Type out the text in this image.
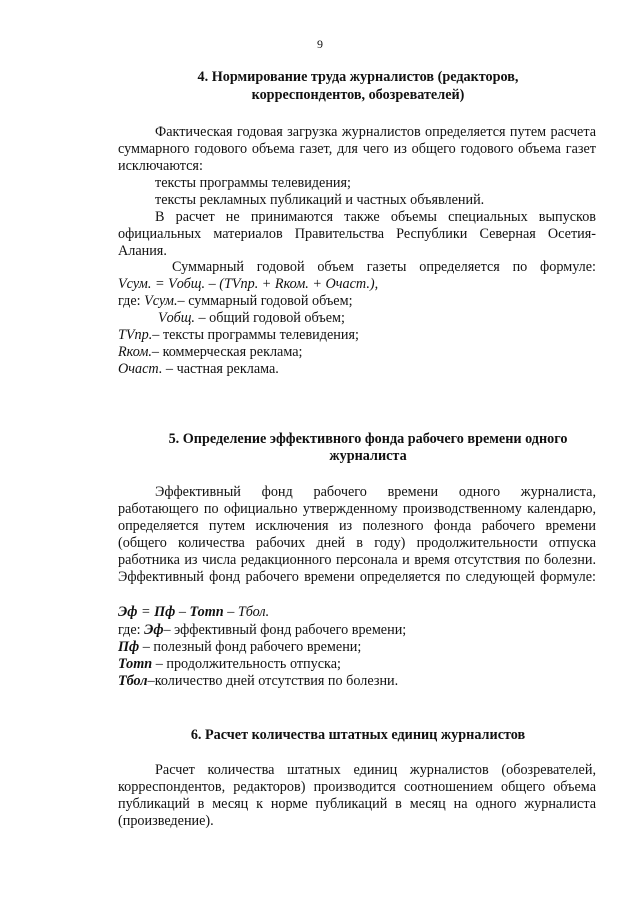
9
4. Нормирование труда журналистов (редакторов,
корреспондентов, обозревателей)
Фактическая годовая загрузка журналистов определяется путем расчета
суммарного годового объема газет, для чего из общего годового объема газет
исключаются:
тексты программы телевидения;
тексты рекламных публикаций и частных объявлений.
В расчет не принимаются также объемы специальных выпусков
официальных материалов Правительства Республики Северная Осетия-
Алания.
Суммарный годовой объем газеты определяется по формуле:
Vсум. = Vобщ. – (TVпр. + Rком. + Очаст.),
где: Vсум.– суммарный годовой объем;
Vобщ. – общий годовой объем;
TVпр.– тексты программы телевидения;
Rком.– коммерческая реклама;
Очаст. – частная реклама.
5. Определение эффективного фонда рабочего времени одного
журналиста
Эффективный фонд рабочего времени одного журналиста,
работающего по официально утвержденному производственному календарю,
определяется путем исключения из полезного фонда рабочего времени
(общего количества рабочих дней в году) продолжительности отпуска
работника из числа редакционного персонала и время отсутствия по болезни.
Эффективный фонд рабочего времени определяется по следующей формуле:
Эф = Пф – Тотп – Тбол.
где: Эф– эффективный фонд рабочего времени;
Пф – полезный фонд рабочего времени;
Тотп – продолжительность отпуска;
Тбол–количество дней отсутствия по болезни.
6. Расчет количества штатных единиц журналистов
Расчет количества штатных единиц журналистов (обозревателей,
корреспондентов, редакторов) производится соотношением общего объема
публикаций в месяц к норме публикаций в месяц на одного журналиста
(произведение).
